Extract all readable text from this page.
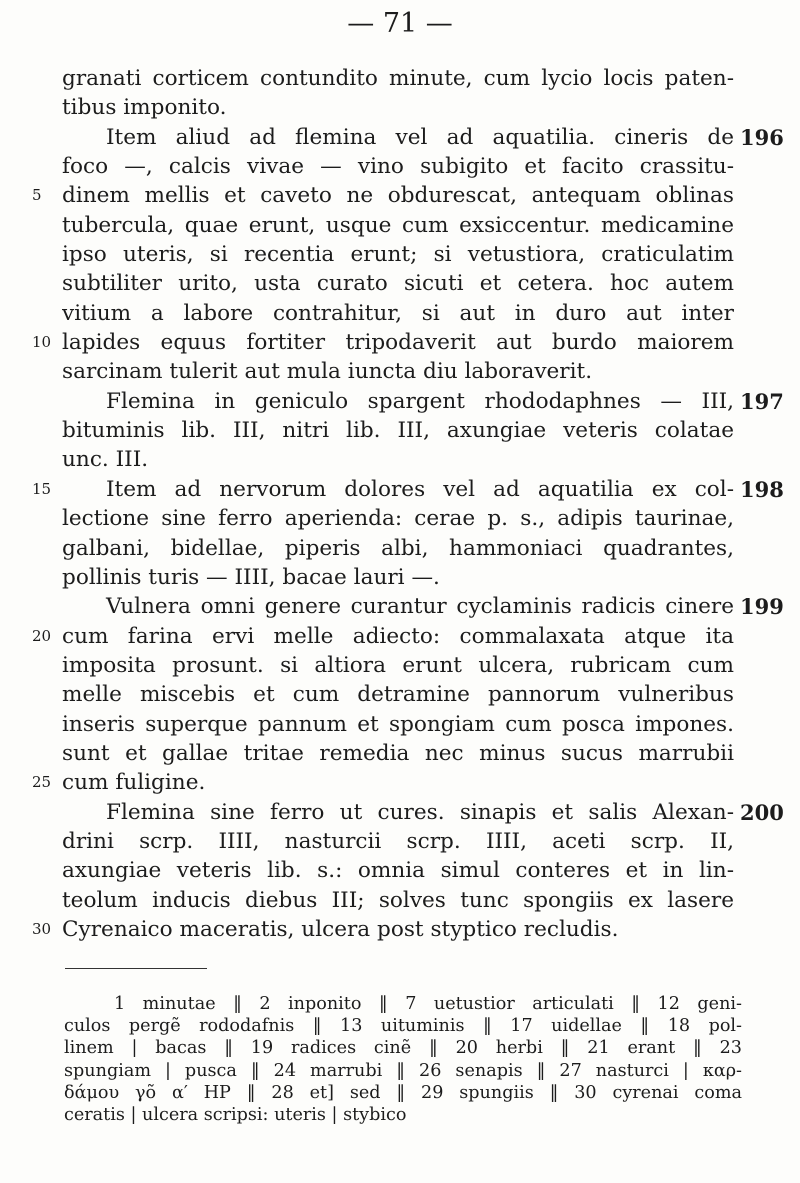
— 71 —
granati corticem contundito minute, cum lycio locis paten-
tibus imponito.
Item aliud ad flemina vel ad aquatilia. cineris de 196
foco —, calcis vivae — vino subigito et facito crassitu-
dinem mellis et caveto ne obdurescat, antequam oblinas
5
tubercula, quae erunt, usque cum exsiccentur. medicamine
ipso uteris, si recentia erunt; si vetustiora, craticulatim
subtiliter urito, usta curato sicuti et cetera. hoc autem
vitium a labore contrahitur, si aut in duro aut inter
lapides equus fortiter tripodaverit aut burdo maiorem
10
sarcinam tulerit aut mula iuncta diu laboraverit.
Flemina in geniculo spargent rhododaphnes — III, 197
bituminis lib. III, nitri lib. III, axungiae veteris colatae
unc. III.
Item ad nervorum dolores vel ad aquatilia ex col-
15	198
lectione sine ferro aperienda: cerae p. s., adipis taurinae,
galbani, bidellae, piperis albi, hammoniaci quadrantes,
pollinis turis — IIII, bacae lauri —.
Vulnera omni genere curantur cyclaminis radicis cinere 199
cum farina ervi melle adiecto: commalaxata atque ita
20
imposita prosunt. si altiora erunt ulcera, rubricam cum
melle miscebis et cum detramine pannorum vulneribus
inseris superque pannum et spongiam cum posca impones.
sunt et gallae tritae remedia nec minus sucus marrubii
cum fuligine.
25
Flemina sine ferro ut cures. sinapis et salis Alexan- 200
drini scrp. IIII, nasturcii scrp. IIII, aceti scrp. II,
axungiae veteris lib. s.: omnia simul conteres et in lin-
teolum inducis diebus III; solves tunc spongiis ex lasere
Cyrenaico maceratis, ulcera post styptico recludis.
30
1 minutae ‖ 2 inponito ‖ 7 uetustior articulati ‖ 12 geni-
culos pergẽ rododafnis ‖ 13 uituminis ‖ 17 uidellae ‖ 18 pol-
linem | bacas ‖ 19 radices cinẽ ‖ 20 herbi ‖ 21 erant ‖ 23
spungiam | pusca ‖ 24 marrubi ‖ 26 senapis ‖ 27 nasturci | καρ-
δάμου γõ α′ HP ‖ 28 et] sed ‖ 29 spungiis ‖ 30 cyrenai coma
ceratis | ulcera scripsi: uteris | stybico
